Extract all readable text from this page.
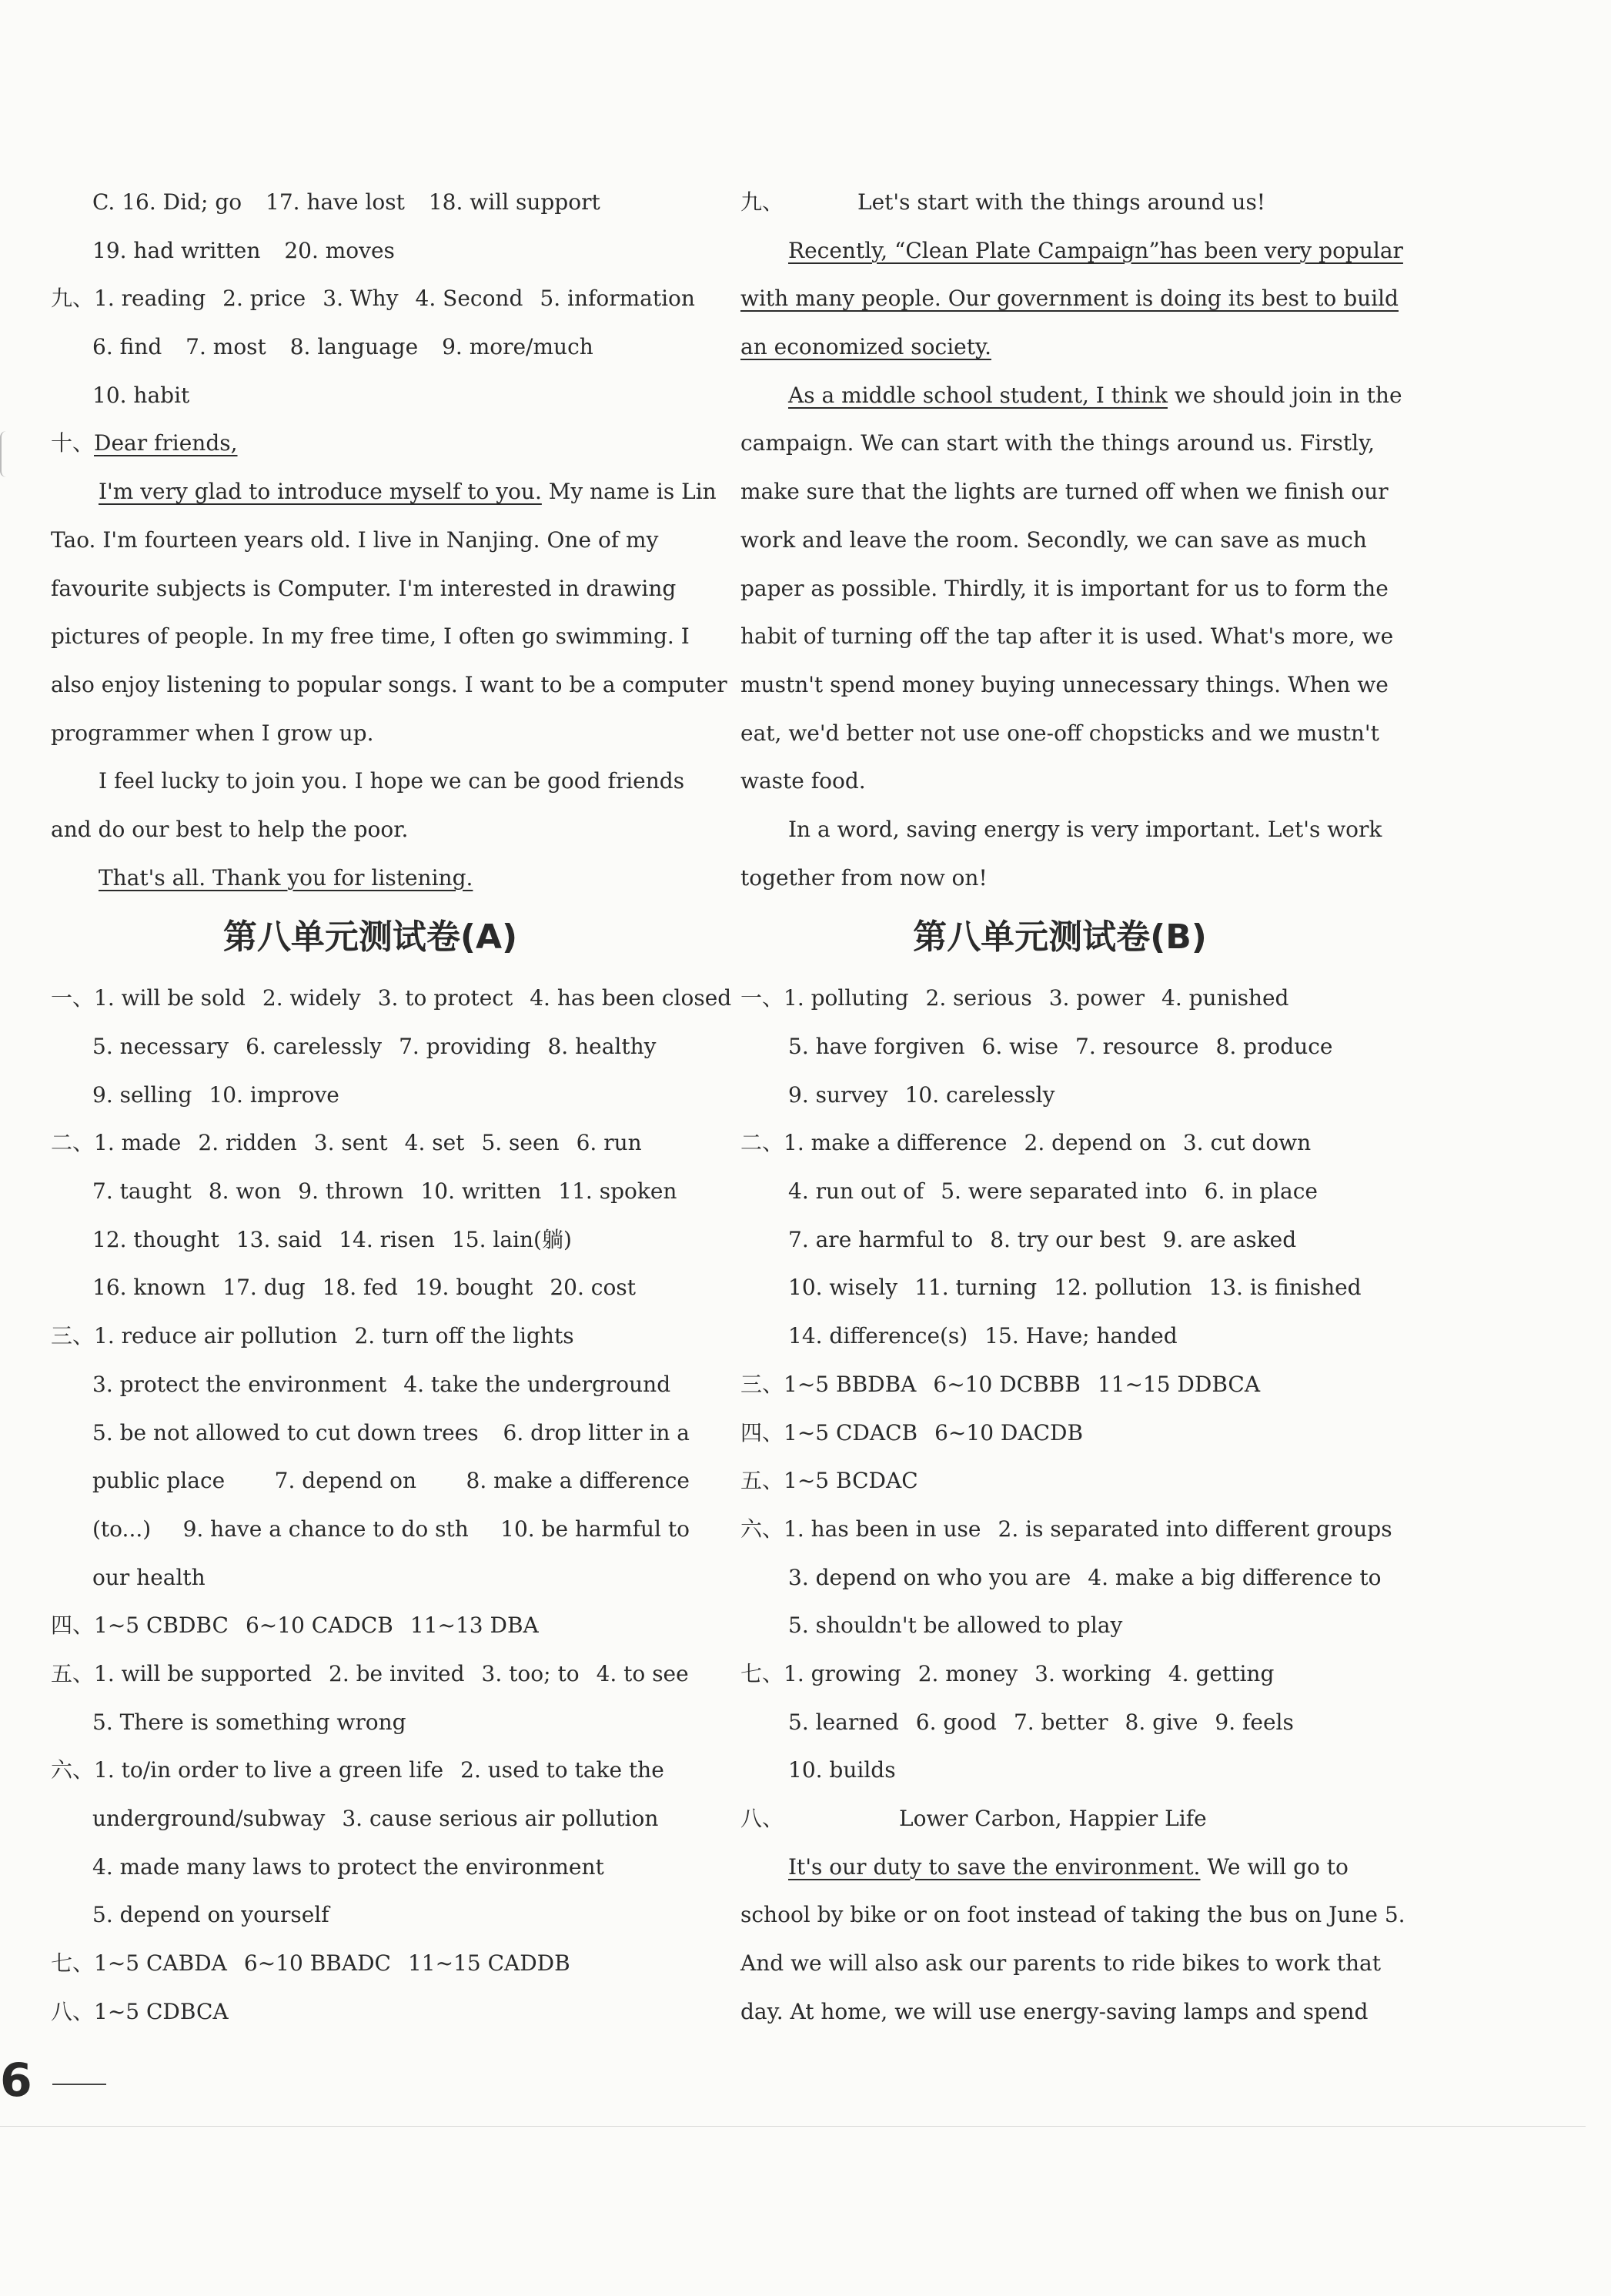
C. 16. Did; go 17. have lost 18. will support
19. had written 20. moves
九、1. reading 2. price 3. Why 4. Second 5. information
6. find 7. most 8. language 9. more/much
10. habit
十、Dear friends,
I'm very glad to introduce myself to you. My name is Lin
Tao. I'm fourteen years old. I live in Nanjing. One of my
favourite subjects is Computer. I'm interested in drawing
pictures of people. In my free time, I often go swimming. I
also enjoy listening to popular songs. I want to be a computer
programmer when I grow up.
I feel lucky to join you. I hope we can be good friends
and do our best to help the poor.
That's all. Thank you for listening.
第八单元测试卷(A)
一、1. will be sold 2. widely 3. to protect 4. has been closed
5. necessary 6. carelessly 7. providing 8. healthy
9. selling 10. improve
二、1. made 2. ridden 3. sent 4. set 5. seen 6. run
7. taught 8. won 9. thrown 10. written 11. spoken
12. thought 13. said 14. risen 15. lain(躺)
16. known 17. dug 18. fed 19. bought 20. cost
三、1. reduce air pollution 2. turn off the lights
3. protect the environment 4. take the underground
5. be not allowed to cut down trees 6. drop litter in a
public place 7. depend on 8. make a difference
(to...) 9. have a chance to do sth 10. be harmful to
our health
四、1~5 CBDBC 6~10 CADCB 11~13 DBA
五、1. will be supported 2. be invited 3. too; to 4. to see
5. There is something wrong
六、1. to/in order to live a green life 2. used to take the
underground/subway 3. cause serious air pollution
4. made many laws to protect the environment
5. depend on yourself
七、1~5 CABDA 6~10 BBADC 11~15 CADDB
八、1~5 CDBCA
九、	Let's start with the things around us!
Recently, “Clean Plate Campaign”has been very popular
with many people. Our government is doing its best to build
an economized society.
As a middle school student, I think we should join in the
campaign. We can start with the things around us. Firstly,
make sure that the lights are turned off when we finish our
work and leave the room. Secondly, we can save as much
paper as possible. Thirdly, it is important for us to form the
habit of turning off the tap after it is used. What's more, we
mustn't spend money buying unnecessary things. When we
eat, we'd better not use one-off chopsticks and we mustn't
waste food.
In a word, saving energy is very important. Let's work
together from now on!
第八单元测试卷(B)
一、1. polluting 2. serious 3. power 4. punished
5. have forgiven 6. wise 7. resource 8. produce
9. survey 10. carelessly
二、1. make a difference 2. depend on 3. cut down
4. run out of 5. were separated into 6. in place
7. are harmful to 8. try our best 9. are asked
10. wisely 11. turning 12. pollution 13. is finished
14. difference(s) 15. Have; handed
三、1~5 BBDBA 6~10 DCBBB 11~15 DDBCA
四、1~5 CDACB 6~10 DACDB
五、1~5 BCDAC
六、1. has been in use 2. is separated into different groups
3. depend on who you are 4. make a big difference to
5. shouldn't be allowed to play
七、1. growing 2. money 3. working 4. getting
5. learned 6. good 7. better 8. give 9. feels
10. builds
八、	Lower Carbon, Happier Life
It's our duty to save the environment. We will go to
school by bike or on foot instead of taking the bus on June 5.
And we will also ask our parents to ride bikes to work that
day. At home, we will use energy-saving lamps and spend
6
